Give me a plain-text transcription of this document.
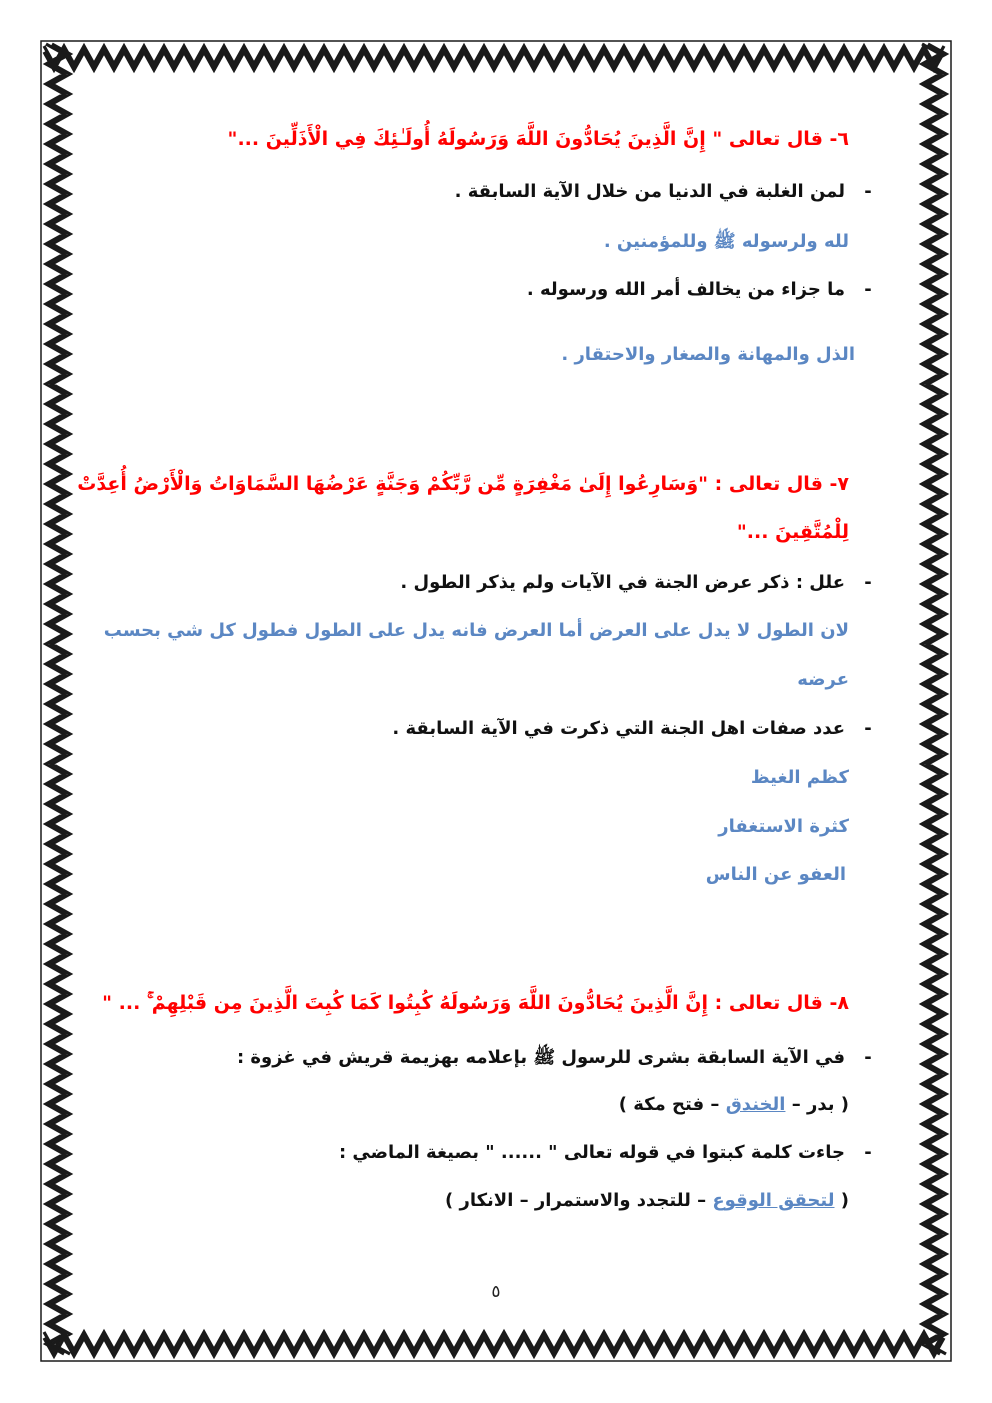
٦- قال تعالى " إِنَّ الَّذِينَ يُحَادُّونَ اللَّهَ وَرَسُولَهُ أُولَـٰئِكَ فِي الْأَذَلِّينَ ..."
-لمن الغلبة في الدنيا من خلال الآية السابقة .
لله ولرسوله ﷺ وللمؤمنين .
-ما جزاء من يخالف أمر الله ورسوله .
الذل والمهانة والصغار والاحتقار .
٧- قال تعالى : "وَسَارِعُوا إِلَىٰ مَغْفِرَةٍ مِّن رَّبِّكُمْ وَجَنَّةٍ عَرْضُهَا السَّمَاوَاتُ وَالْأَرْضُ أُعِدَّتْ
لِلْمُتَّقِينَ ..."
-علل : ذكر عرض الجنة في الآيات ولم يذكر الطول .
لان الطول لا يدل على العرض أما العرض فانه يدل على الطول فطول كل شي بحسب
عرضه
-عدد صفات اهل الجنة التي ذكرت في الآية السابقة .
كظم الغيظ
كثرة الاستغفار
العفو عن الناس
٨- قال تعالى : إِنَّ الَّذِينَ يُحَادُّونَ اللَّهَ وَرَسُولَهُ كُبِتُوا كَمَا كُبِتَ الَّذِينَ مِن قَبْلِهِمْ ۚ ... "
-في الآية السابقة بشرى للرسول ﷺ بإعلامه بهزيمة قريش في غزوة :
( بدر – الخندق – فتح مكة )
-جاءت كلمة كبتوا في قوله تعالى " ...... " بصيغة الماضي :
( لتحقق الوقوع – للتجدد والاستمرار – الانكار )
٥
